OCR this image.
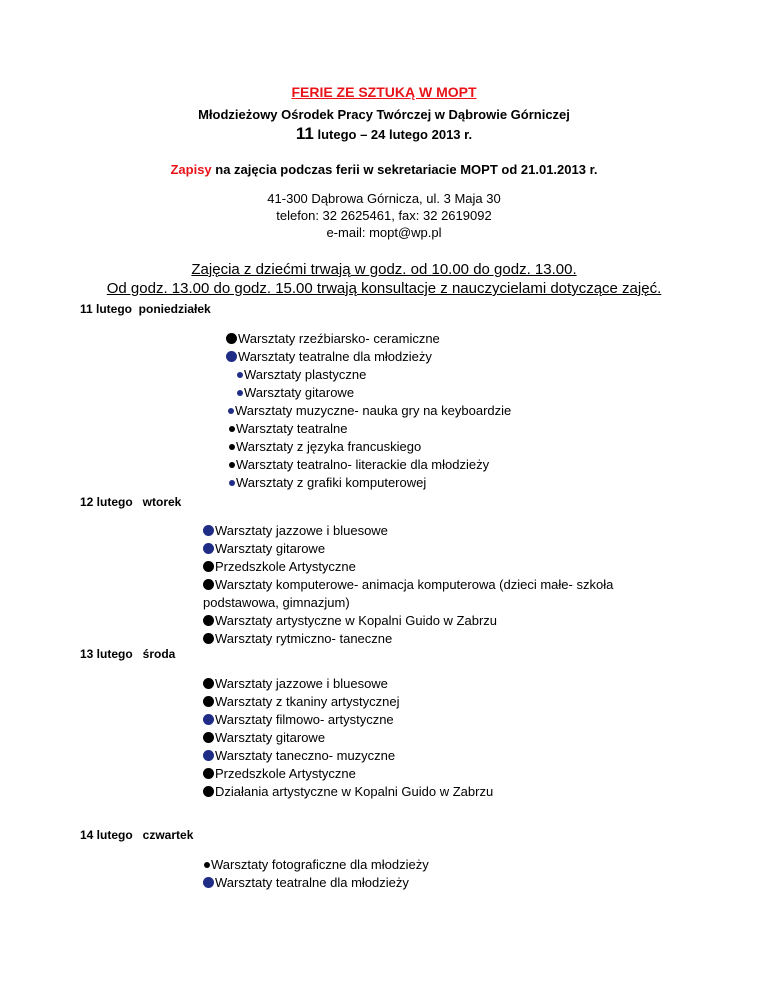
FERIE ZE SZTUKĄ W MOPT
Młodzieżowy Ośrodek Pracy Twórczej w Dąbrowie Górniczej
11 lutego – 24 lutego 2013 r.
Zapisy na zajęcia podczas ferii w sekretariacie MOPT od 21.01.2013 r.
41-300 Dąbrowa Górnicza, ul. 3 Maja 30
telefon: 32 2625461, fax: 32 2619092
e-mail: mopt@wp.pl
Zajęcia z dziećmi trwają w godz. od 10.00 do godz. 13.00.
Od godz. 13.00 do godz. 15.00 trwają konsultacje z nauczycielami dotyczące zajęć.
11 lutego  poniedziałek
Warsztaty rzeźbiarsko- ceramiczne
Warsztaty teatralne dla młodzieży
Warsztaty plastyczne
Warsztaty gitarowe
Warsztaty muzyczne- nauka gry na keyboardzie
Warsztaty teatralne
Warsztaty z języka francuskiego
Warsztaty teatralno- literackie dla młodzieży
Warsztaty z grafiki komputerowej
12 lutego   wtorek
Warsztaty jazzowe i bluesowe
Warsztaty gitarowe
Przedszkole Artystyczne
Warsztaty komputerowe- animacja komputerowa (dzieci małe- szkoła podstawowa, gimnazjum)
Warsztaty artystyczne w Kopalni Guido w Zabrzu
Warsztaty rytmiczno- taneczne
13 lutego   środa
Warsztaty jazzowe i bluesowe
Warsztaty z tkaniny artystycznej
Warsztaty filmowo- artystyczne
Warsztaty gitarowe
Warsztaty taneczno- muzyczne
Przedszkole Artystyczne
Działania artystyczne w Kopalni Guido w Zabrzu
14 lutego   czwartek
Warsztaty fotograficzne dla młodzieży
Warsztaty teatralne dla młodzieży
